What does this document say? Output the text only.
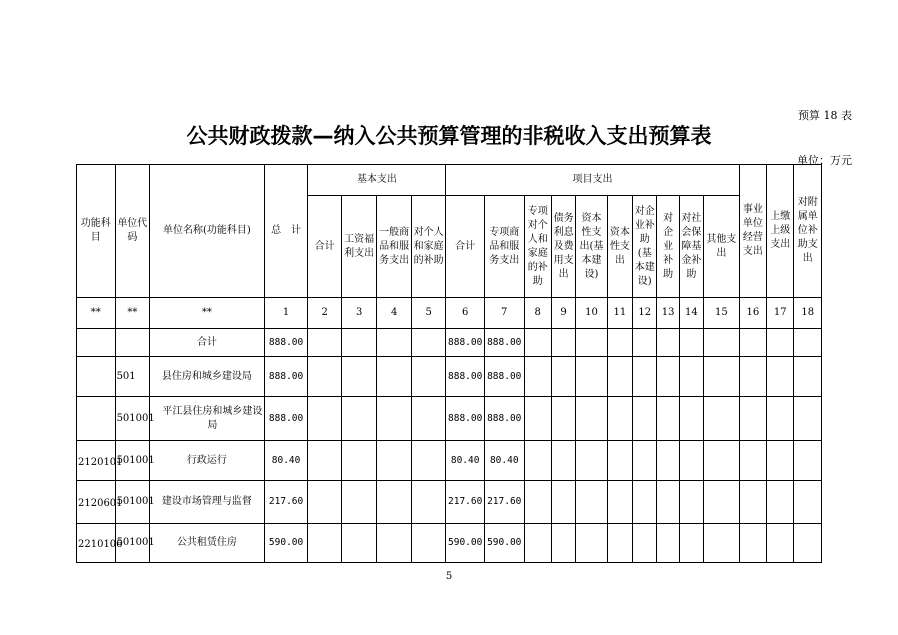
预算 18 表
公共财政拨款—纳入公共预算管理的非税收入支出预算表
单位：万元
功能科目	单位代码	单位名称(功能科目)	总　计	基本支出				项目支出										事业单位经营支出	上缴上级支出	对附属单位补助支出
				合计	工资福利支出	一般商品和服务支出	对个人和家庭的补助	合计	专项商品和服务支出	专项对个人和家庭的补助	债务利息及费用支出	资本性支出(基本建设)	资本性支出	对企业补助(基本建设)	对企业补助	对社会保障基金补助	其他支出			
**	**	**	1	2	3	4	5	6	7	8	9	10	11	12	13	14	15	16	17	18
		合计	888.00					888.00	888.00											
	501	县住房和城乡建设局	888.00					888.00	888.00											
	501001	平江县住房和城乡建设局	888.00					888.00	888.00											
2120101	501001	行政运行	80.40					80.40	80.40											
2120601	501001	建设市场管理与监督	217.60					217.60	217.60											
2210106	501001	公共租赁住房	590.00					590.00	590.00											
5
